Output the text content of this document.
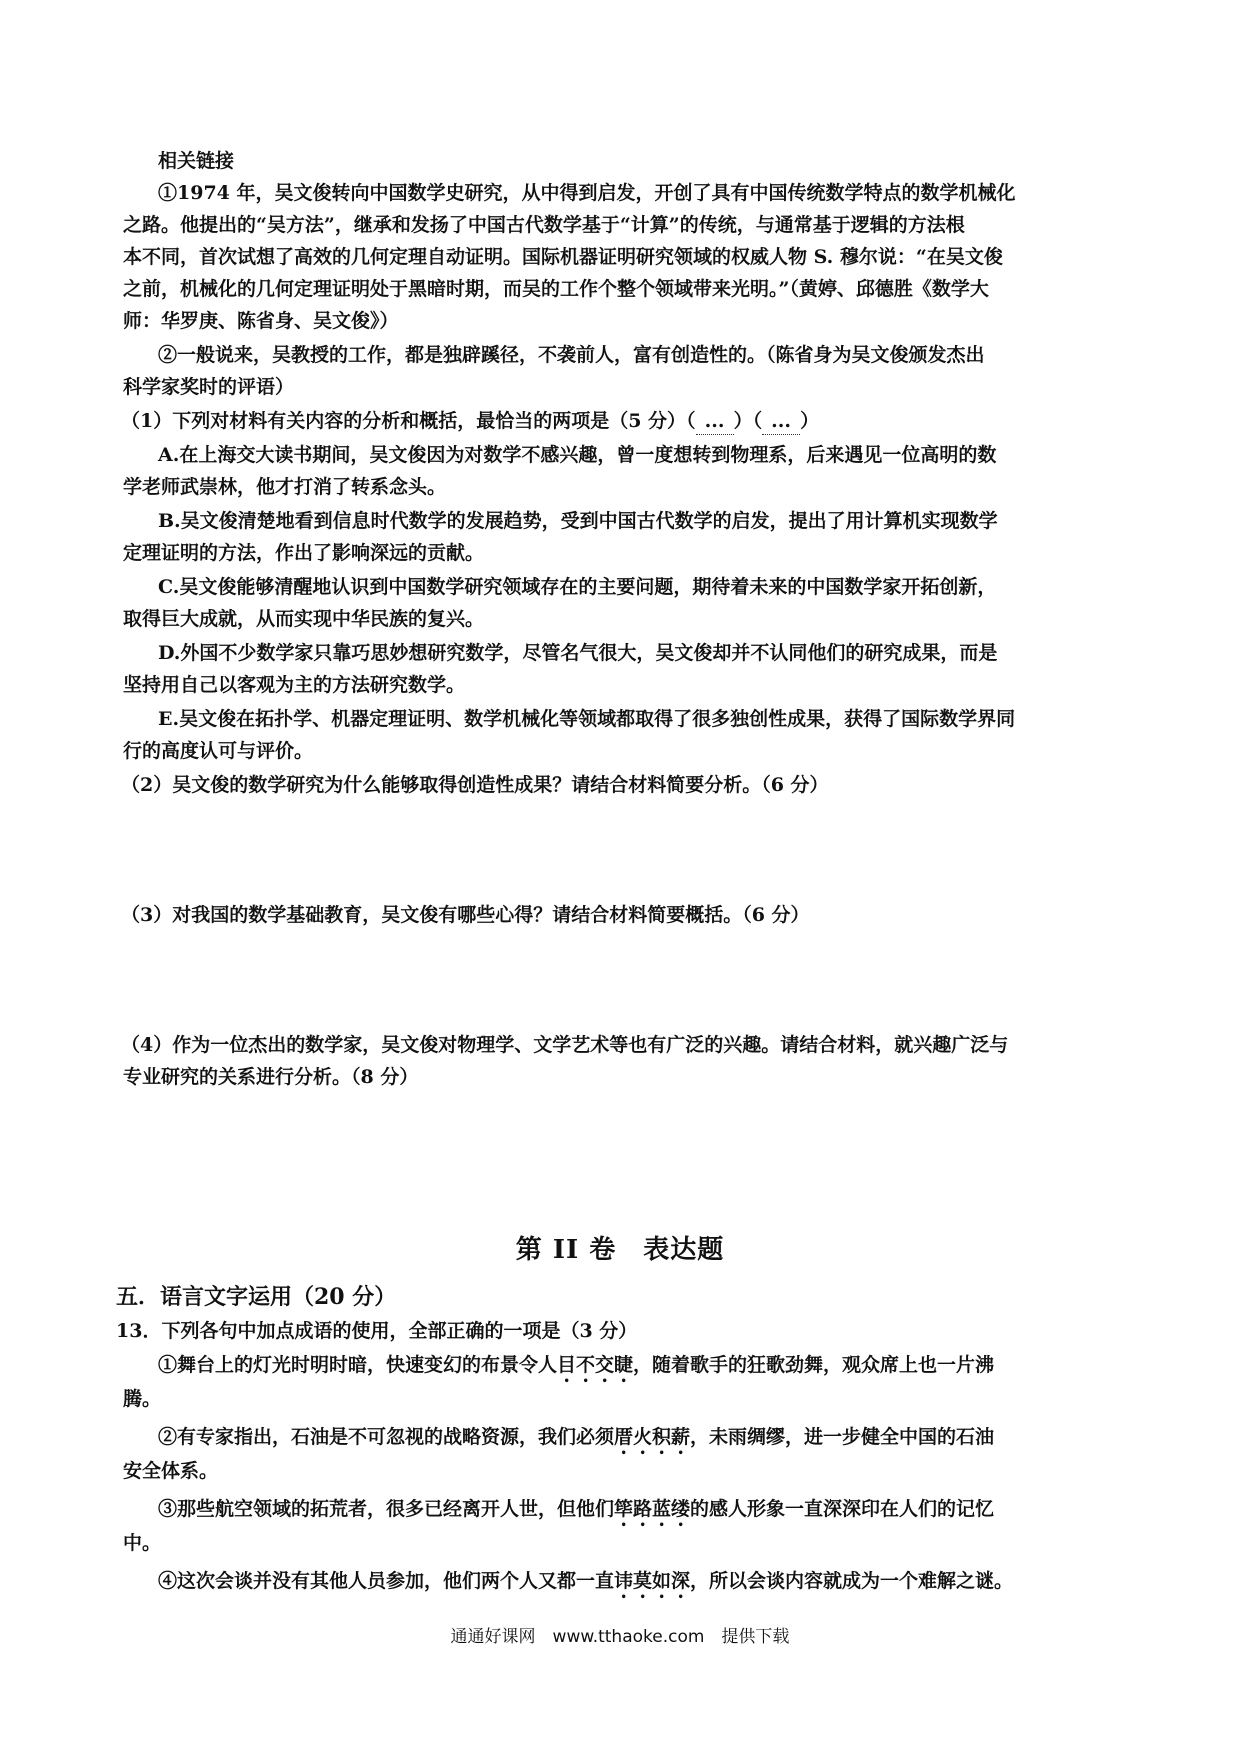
相关链接
①1974 年，吴文俊转向中国数学史研究，从中得到启发，开创了具有中国传统数学特点的数学机械化
之路。他提出的“吴方法”，继承和发扬了中国古代数学基于“计算”的传统，与通常基于逻辑的方法根
本不同，首次试想了高效的几何定理自动证明。国际机器证明研究领域的权威人物 S. 穆尔说：“在吴文俊
之前，机械化的几何定理证明处于黑暗时期，而吴的工作个整个领域带来光明。”（黄婷、邱德胜《数学大
师：华罗庚、陈省身、吴文俊》）
②一般说来，吴教授的工作，都是独辟蹊径，不袭前人，富有创造性的。（陈省身为吴文俊颁发杰出
科学家奖时的评语）
（1）下列对材料有关内容的分析和概括，最恰当的两项是（5 分）（ ... ）（ ... ）
A.在上海交大读书期间，吴文俊因为对数学不感兴趣，曾一度想转到物理系，后来遇见一位高明的数
学老师武崇林，他才打消了转系念头。
B.吴文俊清楚地看到信息时代数学的发展趋势，受到中国古代数学的启发，提出了用计算机实现数学
定理证明的方法，作出了影响深远的贡献。
C.吴文俊能够清醒地认识到中国数学研究领域存在的主要问题，期待着未来的中国数学家开拓创新，
取得巨大成就，从而实现中华民族的复兴。
D.外国不少数学家只靠巧思妙想研究数学，尽管名气很大，吴文俊却并不认同他们的研究成果，而是
坚持用自己以客观为主的方法研究数学。
E.吴文俊在拓扑学、机器定理证明、数学机械化等领域都取得了很多独创性成果，获得了国际数学界同
行的高度认可与评价。
（2）吴文俊的数学研究为什么能够取得创造性成果？请结合材料简要分析。（6 分）
（3）对我国的数学基础教育，吴文俊有哪些心得？请结合材料简要概括。（6 分）
（4）作为一位杰出的数学家，吴文俊对物理学、文学艺术等也有广泛的兴趣。请结合材料，就兴趣广泛与
专业研究的关系进行分析。（8 分）
第 II 卷　表达题
五．语言文字运用（20 分）
13．下列各句中加点成语的使用，全部正确的一项是（3 分）
①舞台上的灯光时明时暗，快速变幻的布景令人目不交睫，随着歌手的狂歌劲舞，观众席上也一片沸
腾。
②有专家指出，石油是不可忽视的战略资源，我们必须厝火积薪，未雨绸缪，进一步健全中国的石油
安全体系。
③那些航空领域的拓荒者，很多已经离开人世，但他们筚路蓝缕的感人形象一直深深印在人们的记忆
中。
④这次会谈并没有其他人员参加，他们两个人又都一直讳莫如深，所以会谈内容就成为一个难解之谜。
通通好课网　www.tthaoke.com　提供下载
